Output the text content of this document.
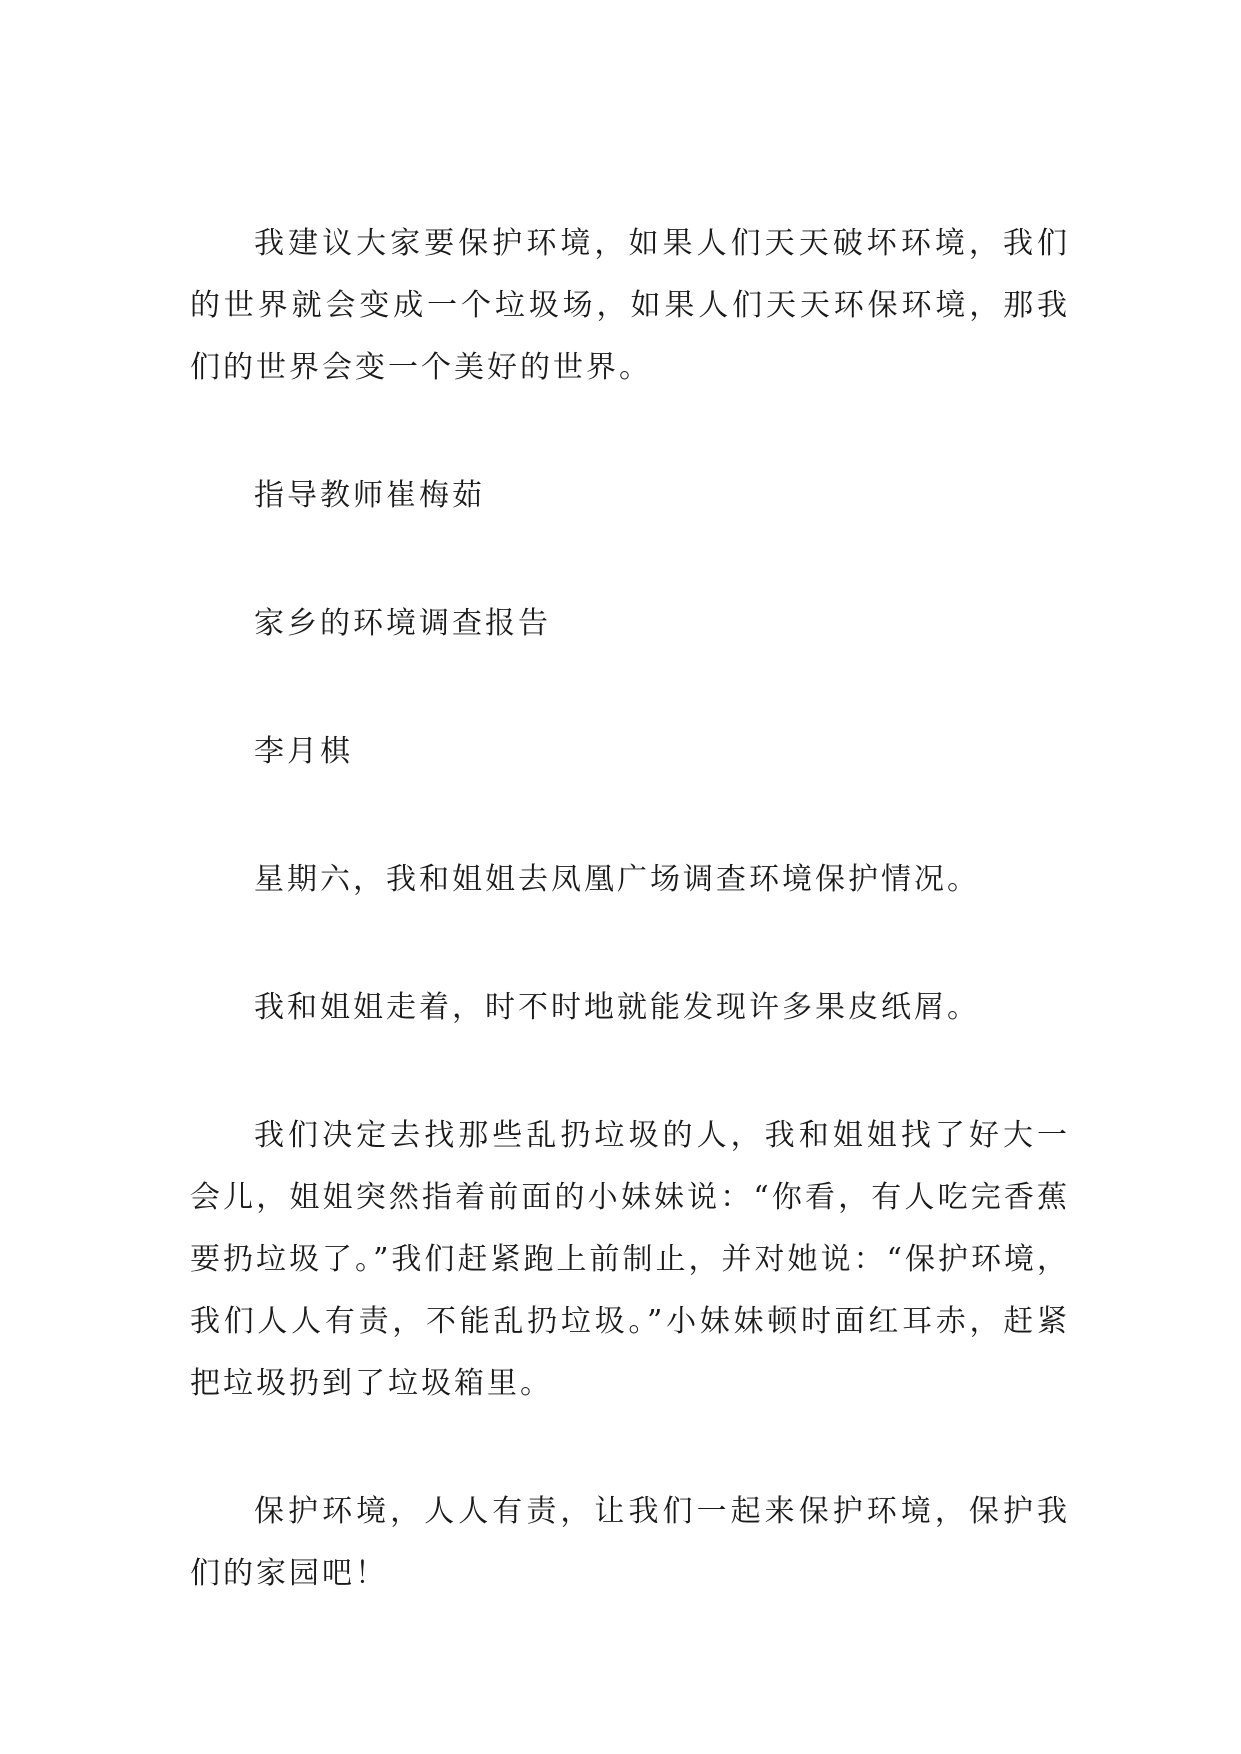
我建议大家要保护环境，如果人们天天破坏环境，我们的世界就会变成一个垃圾场，如果人们天天环保环境，那我们的世界会变一个美好的世界。

指导教师崔梅茹

家乡的环境调查报告

李月棋

星期六，我和姐姐去凤凰广场调查环境保护情况。

我和姐姐走着，时不时地就能发现许多果皮纸屑。

我们决定去找那些乱扔垃圾的人，我和姐姐找了好大一会儿，姐姐突然指着前面的小妹妹说：“你看，有人吃完香蕉要扔垃圾了。”我们赶紧跑上前制止，并对她说：“保护环境，我们人人有责，不能乱扔垃圾。”小妹妹顿时面红耳赤，赶紧把垃圾扔到了垃圾箱里。

保护环境，人人有责，让我们一起来保护环境，保护我们的家园吧！
